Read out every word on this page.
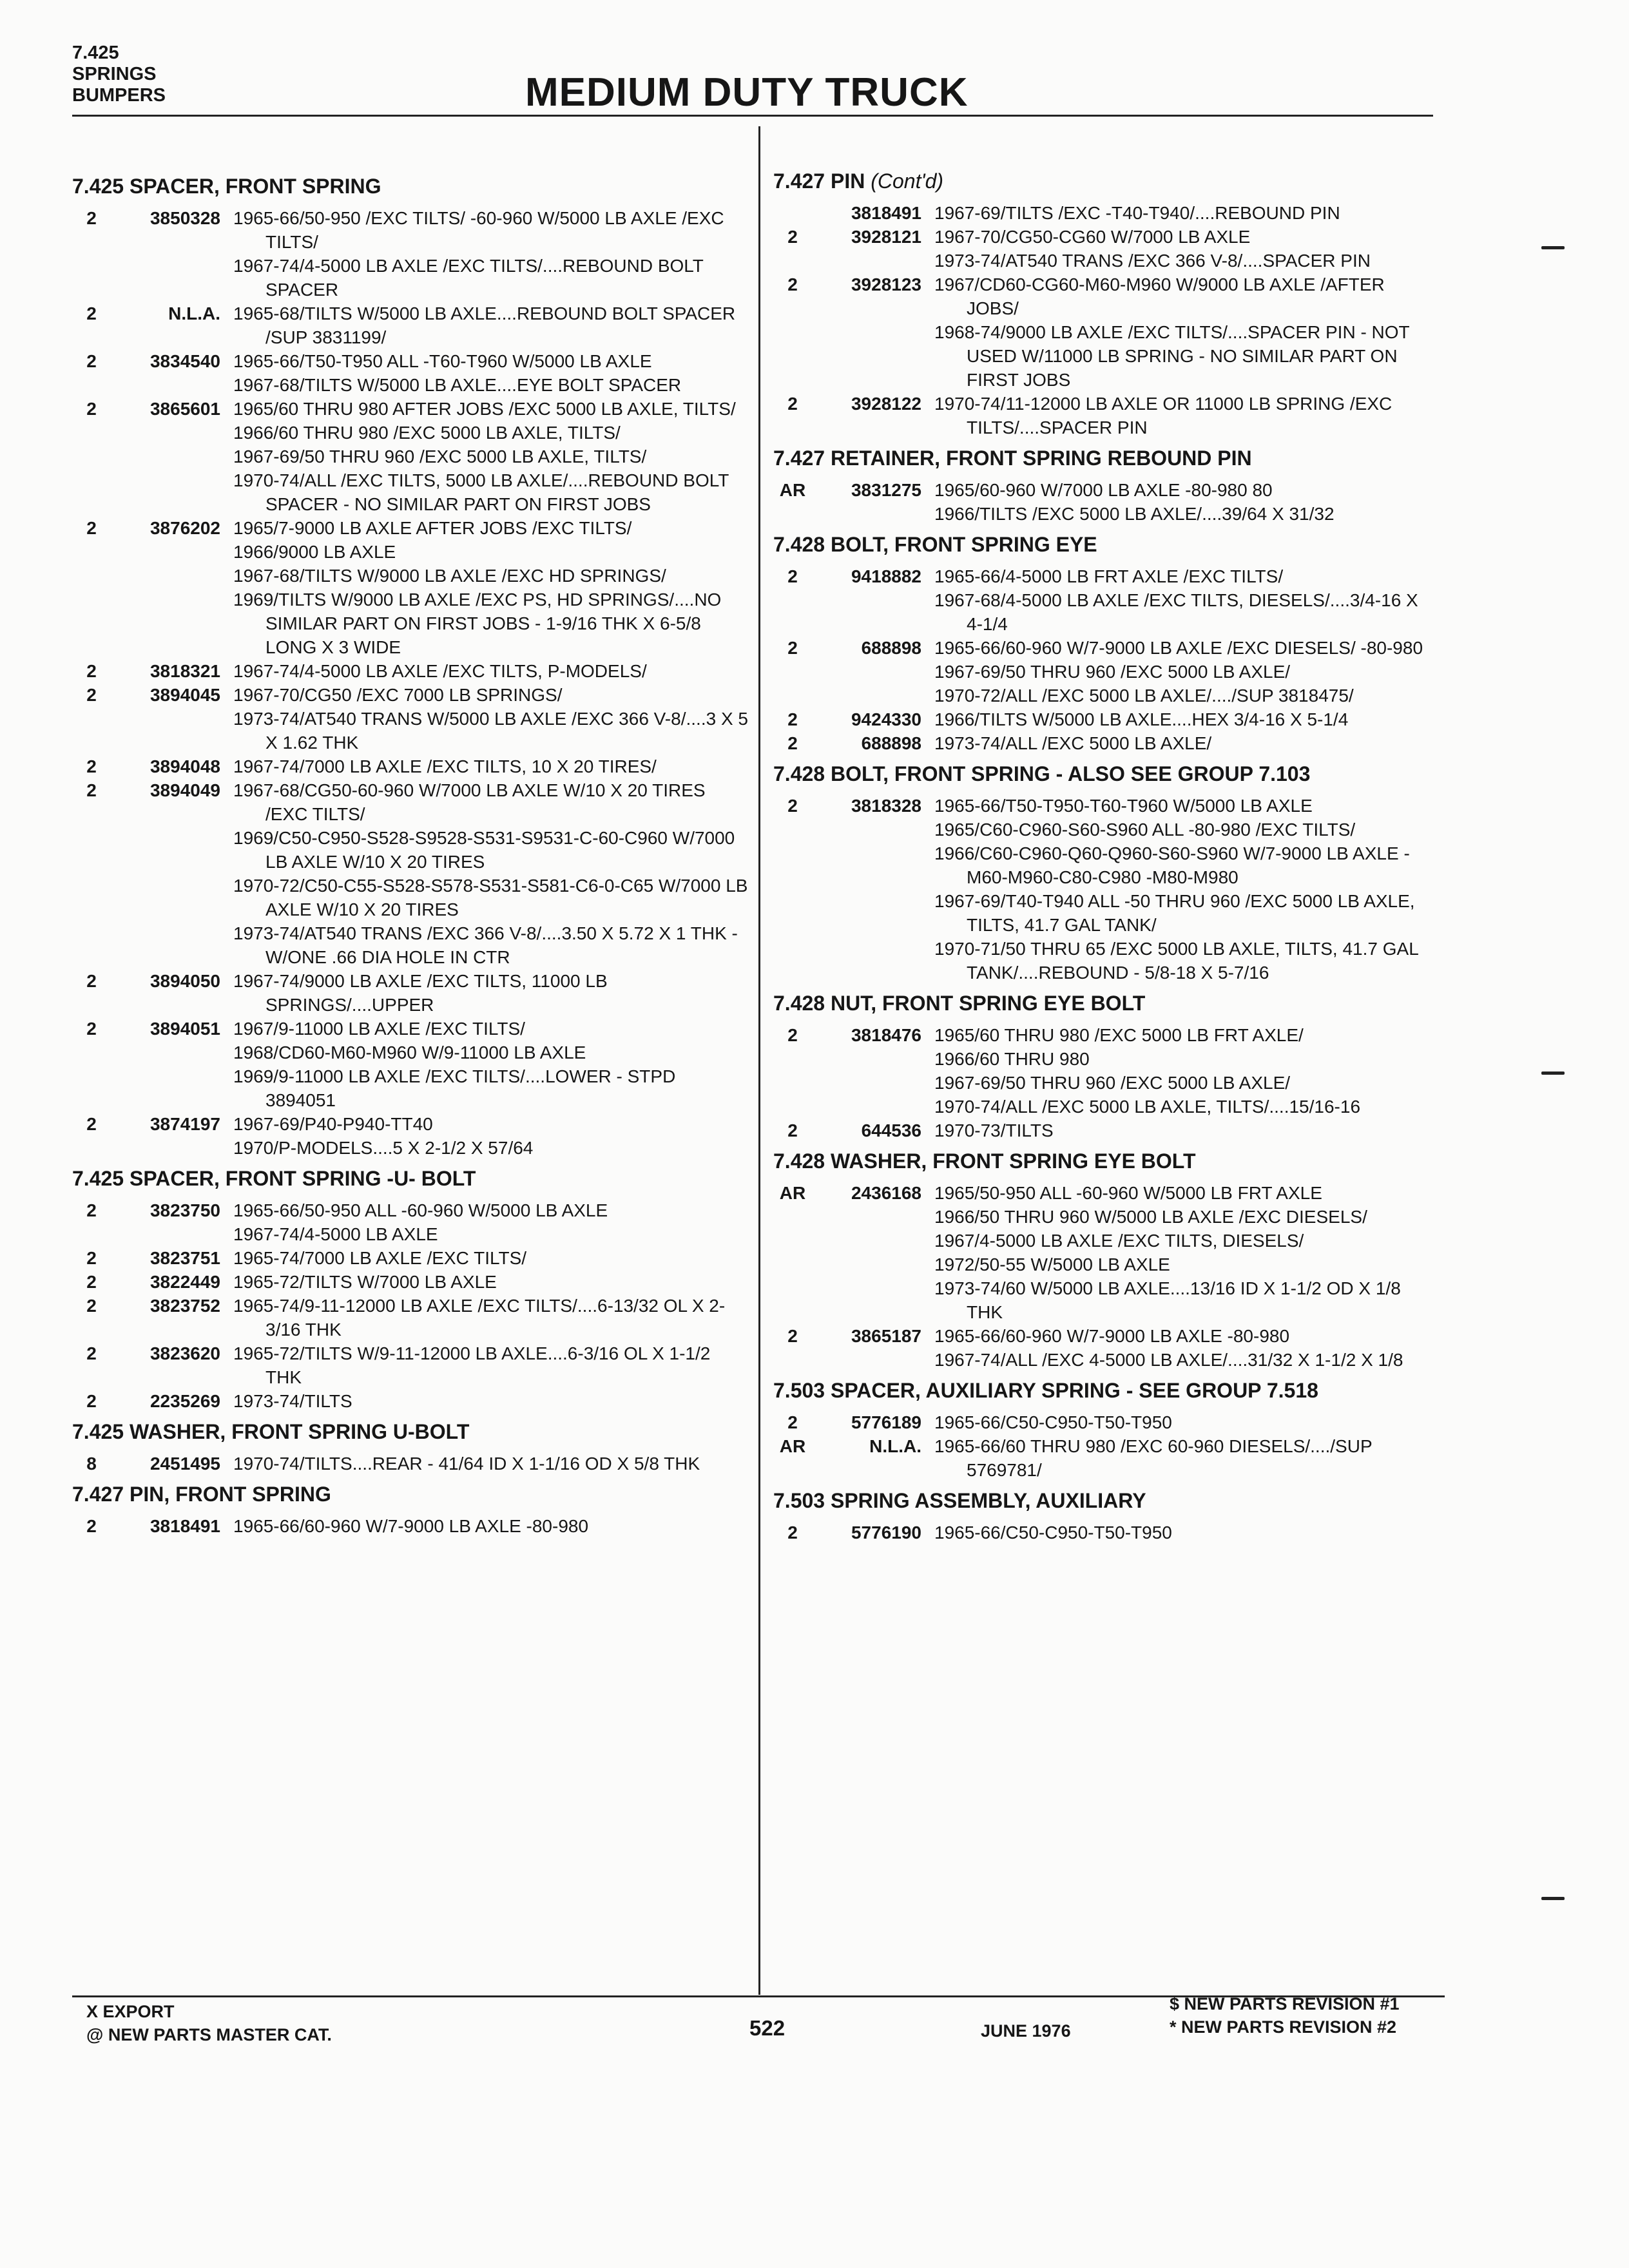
7.425
SPRINGS
BUMPERS	MEDIUM DUTY TRUCK
7.425 SPACER, FRONT SPRING
2	3850328 1965-66/50-950 /EXC TILTS/ -60-960 W/5000 LB AXLE /EXC TILTS/
1967-74/4-5000 LB AXLE /EXC TILTS/....REBOUND BOLT SPACER
2	N.L.A. 1965-68/TILTS W/5000 LB AXLE....REBOUND BOLT SPACER /SUP 3831199/
2	3834540 1965-66/T50-T950 ALL -T60-T960 W/5000 LB AXLE
1967-68/TILTS W/5000 LB AXLE....EYE BOLT SPACER
2	3865601 1965/60 THRU 980 AFTER JOBS /EXC 5000 LB AXLE, TILTS/
1966/60 THRU 980 /EXC 5000 LB AXLE, TILTS/
1967-69/50 THRU 960 /EXC 5000 LB AXLE, TILTS/
1970-74/ALL /EXC TILTS, 5000 LB AXLE/....REBOUND BOLT SPACER - NO SIMILAR PART ON FIRST JOBS
2	3876202 1965/7-9000 LB AXLE AFTER JOBS /EXC TILTS/
1966/9000 LB AXLE
1967-68/TILTS W/9000 LB AXLE /EXC HD SPRINGS/
1969/TILTS W/9000 LB AXLE /EXC PS, HD SPRINGS/....NO SIMILAR PART ON FIRST JOBS - 1-9/16 THK X 6-5/8 LONG X 3 WIDE
2	3818321 1967-74/4-5000 LB AXLE /EXC TILTS, P-MODELS/
2	3894045 1967-70/CG50 /EXC 7000 LB SPRINGS/
1973-74/AT540 TRANS W/5000 LB AXLE /EXC 366 V-8/....3 X 5 X 1.62 THK
2	3894048 1967-74/7000 LB AXLE /EXC TILTS, 10 X 20 TIRES/
2	3894049 1967-68/CG50-60-960 W/7000 LB AXLE W/10 X 20 TIRES /EXC TILTS/
1969/C50-C950-S528-S9528-S531-S9531-C-60-C960 W/7000 LB AXLE W/10 X 20 TIRES
1970-72/C50-C55-S528-S578-S531-S581-C6-0-C65 W/7000 LB AXLE W/10 X 20 TIRES
1973-74/AT540 TRANS /EXC 366 V-8/....3.50 X 5.72 X 1 THK - W/ONE .66 DIA HOLE IN CTR
2	3894050 1967-74/9000 LB AXLE /EXC TILTS, 11000 LB SPRINGS/....UPPER
2	3894051 1967/9-11000 LB AXLE /EXC TILTS/
1968/CD60-M60-M960 W/9-11000 LB AXLE
1969/9-11000 LB AXLE /EXC TILTS/....LOWER - STPD 3894051
2	3874197 1967-69/P40-P940-TT40
1970/P-MODELS....5 X 2-1/2 X 57/64
7.425 SPACER, FRONT SPRING -U- BOLT
2	3823750 1965-66/50-950 ALL -60-960 W/5000 LB AXLE
1967-74/4-5000 LB AXLE
2	3823751 1965-74/7000 LB AXLE /EXC TILTS/
2	3822449 1965-72/TILTS W/7000 LB AXLE
2	3823752 1965-74/9-11-12000 LB AXLE /EXC TILTS/....6-13/32 OL X 2-3/16 THK
2	3823620 1965-72/TILTS W/9-11-12000 LB AXLE....6-3/16 OL X 1-1/2 THK
2	2235269 1973-74/TILTS
7.425 WASHER, FRONT SPRING U-BOLT
8	2451495 1970-74/TILTS....REAR - 41/64 ID X 1-1/16 OD X 5/8 THK
7.427 PIN, FRONT SPRING
2	3818491 1965-66/60-960 W/7-9000 LB AXLE -80-980
7.427 PIN (Cont'd)
3818491 1967-69/TILTS /EXC -T40-T940/....REBOUND PIN
2	3928121 1967-70/CG50-CG60 W/7000 LB AXLE
1973-74/AT540 TRANS /EXC 366 V-8/....SPACER PIN
2	3928123 1967/CD60-CG60-M60-M960 W/9000 LB AXLE /AFTER JOBS/
1968-74/9000 LB AXLE /EXC TILTS/....SPACER PIN - NOT USED W/11000 LB SPRING - NO SIMILAR PART ON FIRST JOBS
2	3928122 1970-74/11-12000 LB AXLE OR 11000 LB SPRING /EXC TILTS/....SPACER PIN
7.427 RETAINER, FRONT SPRING REBOUND PIN
AR	3831275 1965/60-960 W/7000 LB AXLE -80-980 80
1966/TILTS /EXC 5000 LB AXLE/....39/64 X 31/32
7.428 BOLT, FRONT SPRING EYE
2	9418882 1965-66/4-5000 LB FRT AXLE /EXC TILTS/
1967-68/4-5000 LB AXLE /EXC TILTS, DIESELS/....3/4-16 X 4-1/4
2	688898 1965-66/60-960 W/7-9000 LB AXLE /EXC DIESELS/ -80-980
1967-69/50 THRU 960 /EXC 5000 LB AXLE/
1970-72/ALL /EXC 5000 LB AXLE/..../SUP 3818475/
2	9424330 1966/TILTS W/5000 LB AXLE....HEX 3/4-16 X 5-1/4
2	688898 1973-74/ALL /EXC 5000 LB AXLE/
7.428 BOLT, FRONT SPRING - ALSO SEE GROUP 7.103
2	3818328 1965-66/T50-T950-T60-T960 W/5000 LB AXLE
1965/C60-C960-S60-S960 ALL -80-980 /EXC TILTS/
1966/C60-C960-Q60-Q960-S60-S960 W/7-9000 LB AXLE -M60-M960-C80-C980 -M80-M980
1967-69/T40-T940 ALL -50 THRU 960 /EXC 5000 LB AXLE, TILTS, 41.7 GAL TANK/
1970-71/50 THRU 65 /EXC 5000 LB AXLE, TILTS, 41.7 GAL TANK/....REBOUND - 5/8-18 X 5-7/16
7.428 NUT, FRONT SPRING EYE BOLT
2	3818476 1965/60 THRU 980 /EXC 5000 LB FRT AXLE/
1966/60 THRU 980
1967-69/50 THRU 960 /EXC 5000 LB AXLE/
1970-74/ALL /EXC 5000 LB AXLE, TILTS/....15/16-16
2	644536 1970-73/TILTS
7.428 WASHER, FRONT SPRING EYE BOLT
AR	2436168 1965/50-950 ALL -60-960 W/5000 LB FRT AXLE
1966/50 THRU 960 W/5000 LB AXLE /EXC DIESELS/
1967/4-5000 LB AXLE /EXC TILTS, DIESELS/
1972/50-55 W/5000 LB AXLE
1973-74/60 W/5000 LB AXLE....13/16 ID X 1-1/2 OD X 1/8 THK
2	3865187 1965-66/60-960 W/7-9000 LB AXLE -80-980
1967-74/ALL /EXC 4-5000 LB AXLE/....31/32 X 1-1/2 X 1/8
7.503 SPACER, AUXILIARY SPRING - SEE GROUP 7.518
2	5776189 1965-66/C50-C950-T50-T950
AR	N.L.A. 1965-66/60 THRU 980 /EXC 60-960 DIESELS/..../SUP 5769781/
7.503 SPRING ASSEMBLY, AUXILIARY
2	5776190 1965-66/C50-C950-T50-T950
X EXPORT
@ NEW PARTS MASTER CAT.	522	JUNE 1976
$ NEW PARTS REVISION #1
* NEW PARTS REVISION #2
